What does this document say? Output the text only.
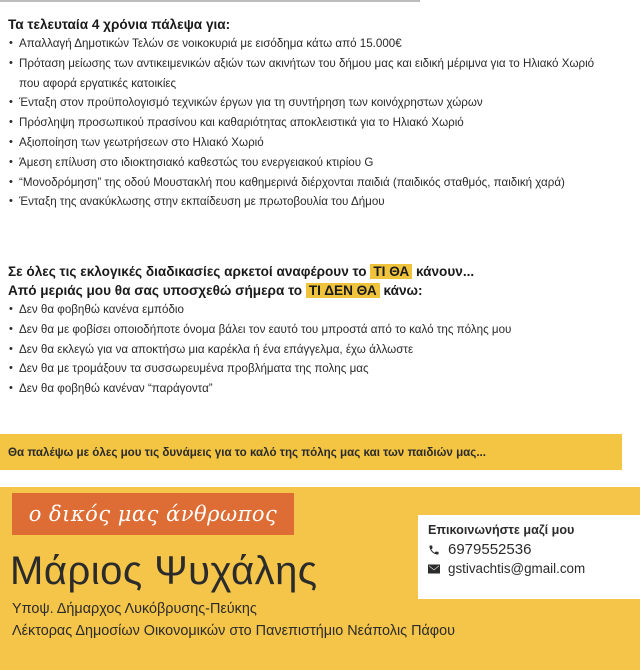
Τα τελευταία 4 χρόνια πάλεψα για:
• Απαλλαγή Δημοτικών Τελών σε νοικοκυριά με εισόδημα κάτω από 15.000€
• Πρόταση μείωσης των αντικειμενικών αξιών των ακινήτων του δήμου μας και ειδική μέριμνα για το Ηλιακό Χωριό που αφορά εργατικές κατοικίες
• Ένταξη στον προϋπολογισμό τεχνικών έργων για τη συντήρηση των κοινόχρηστων χώρων
• Πρόσληψη προσωπικού πρασίνου και καθαριότητας αποκλειστικά για το Ηλιακό Χωριό
• Αξιοποίηση των γεωτρήσεων στο Ηλιακό Χωριό
• Άμεση επίλυση στο ιδιοκτησιακό καθεστώς του ενεργειακού κτιρίου G
• “Μονοδρόμηση” της οδού Μουστακλή που καθημερινά διέρχονται παιδιά (παιδικός σταθμός, παιδική χαρά)
• Ένταξη της ανακύκλωσης στην εκπαίδευση με πρωτοβουλία του Δήμου
Σε όλες τις εκλογικές διαδικασίες αρκετοί αναφέρουν το ΤΙ ΘΑ κάνουν...
Από μεριάς μου θα σας υποσχεθώ σήμερα το ΤΙ ΔΕΝ ΘΑ κάνω:
• Δεν θα φοβηθώ κανένα εμπόδιο
• Δεν θα με φοβίσει οποιοδήποτε όνομα βάλει τον εαυτό του μπροστά από το καλό της πόλης μου
• Δεν θα εκλεγώ για να αποκτήσω μια καρέκλα ή ένα επάγγελμα, έχω άλλωστε
• Δεν θα με τρομάξουν τα συσσωρευμένα προβλήματα της πολης μας
• Δεν θα φοβηθώ κανέναν “παράγοντα”
Θα παλέψω με όλες μου τις δυνάμεις για το καλό της πόλης μας και των παιδιών μας...
ο δικός μας άνθρωπος
Μάριος Ψυχάλης
Υποψ. Δήμαρχος Λυκόβρυσης-Πεύκης
Λέκτορας Δημοσίων Οικονομικών στο Πανεπιστήμιο Νεάπολις Πάφου
Επικοινωνήστε μαζί μου
6979552536
gstivachtis@gmail.com
